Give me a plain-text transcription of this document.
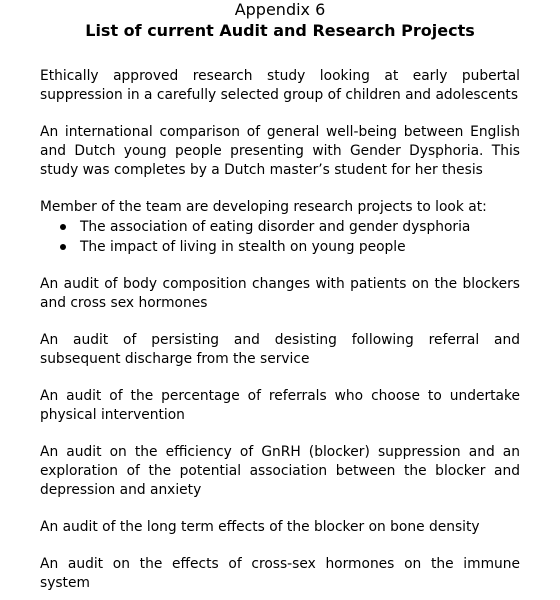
Appendix 6

List of current Audit and Research Projects

Ethically approved research study looking at early pubertal suppression in a carefully selected group of children and adolescents

An international comparison of general well-being between English and Dutch young people presenting with Gender Dysphoria. This study was completes by a Dutch master’s student for her thesis

Member of the team are developing research projects to look at:

The association of eating disorder and gender dysphoria
The impact of living in stealth on young people

An audit of body composition changes with patients on the blockers and cross sex hormones

An audit of persisting and desisting following referral and subsequent discharge from the service

An audit of the percentage of referrals who choose to undertake physical intervention

An audit on the efficiency of GnRH (blocker) suppression and an exploration of the potential association between the blocker and depression and anxiety

An audit of the long term effects of the blocker on bone density

An audit on the effects of cross-sex hormones on the immune system
